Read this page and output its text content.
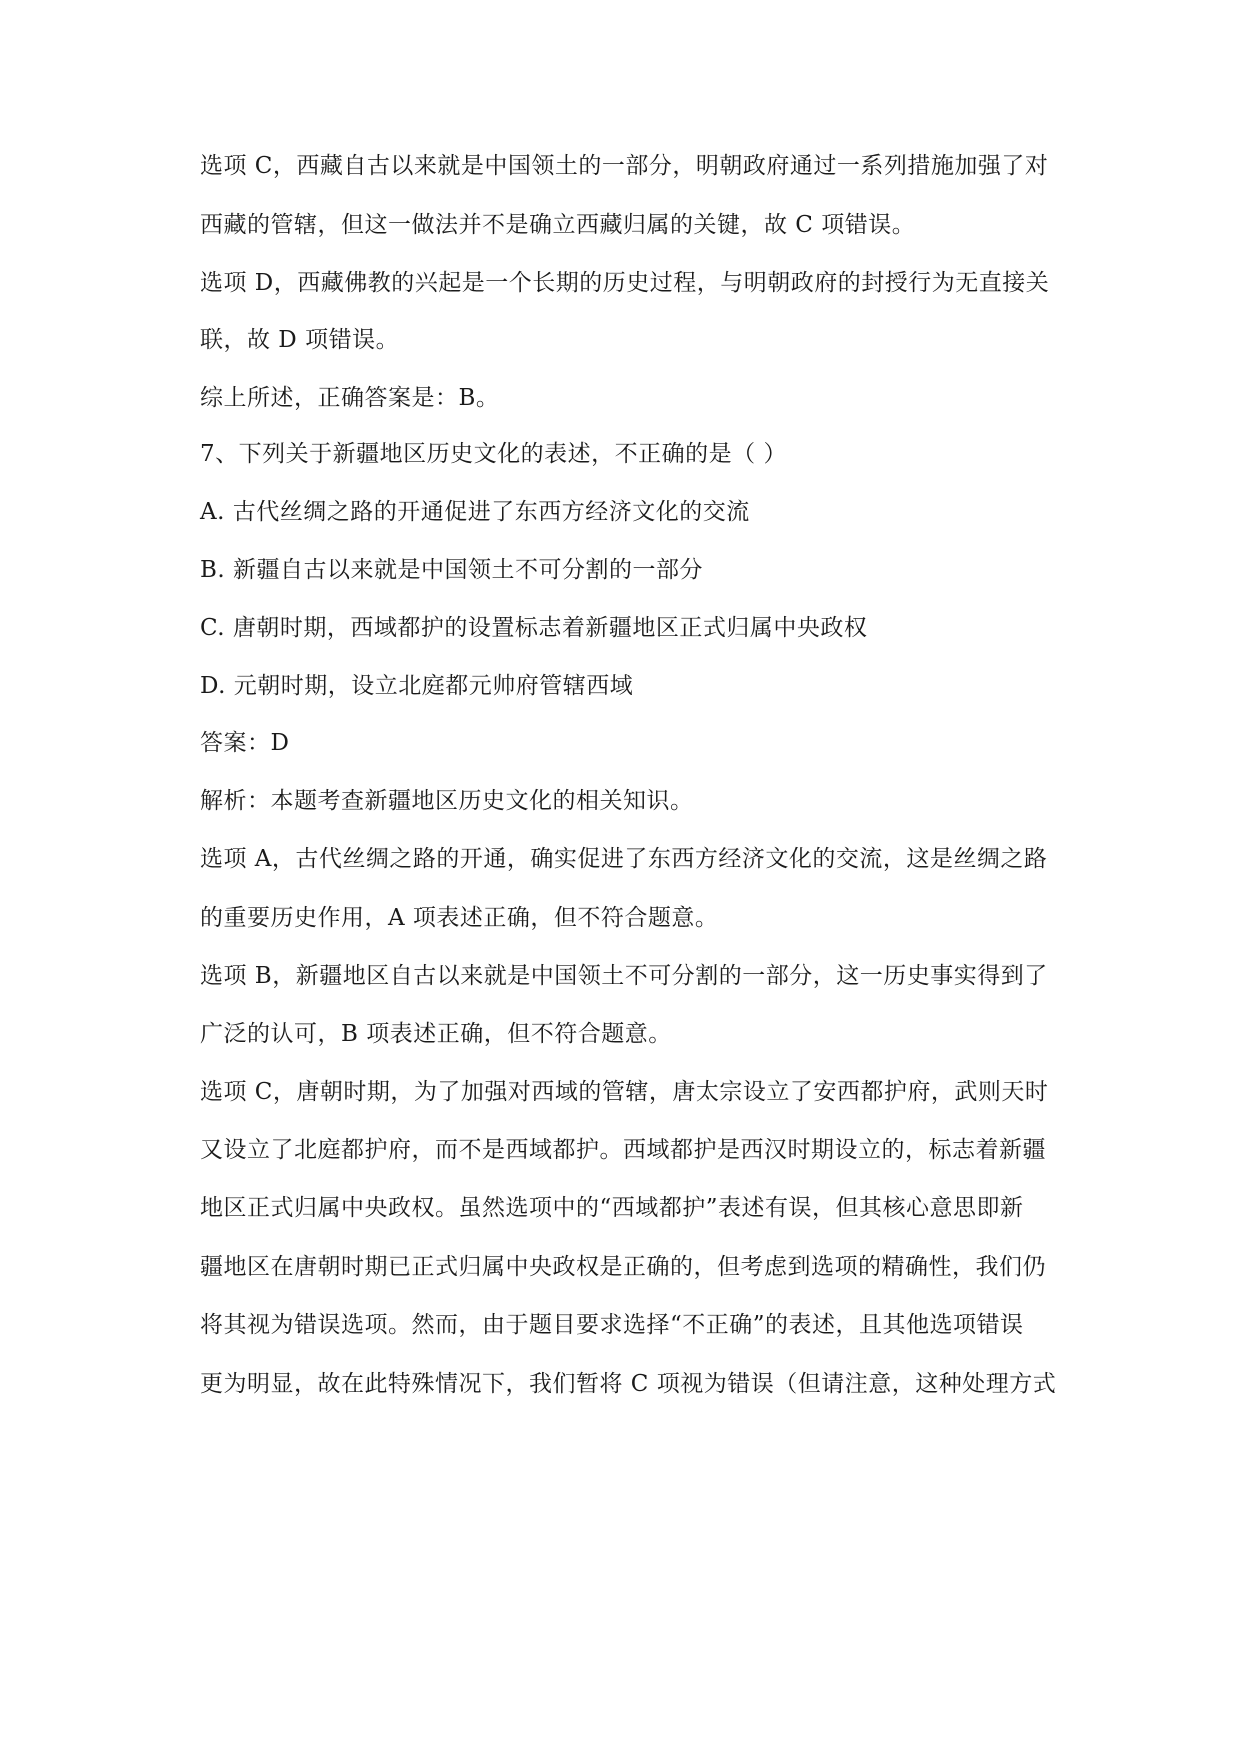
选项 C，西藏自古以来就是中国领土的一部分，明朝政府通过一系列措施加强了对
西藏的管辖，但这一做法并不是确立西藏归属的关键，故 C 项错误。
选项 D，西藏佛教的兴起是一个长期的历史过程，与明朝政府的封授行为无直接关
联，故 D 项错误。
综上所述，正确答案是：B。
7、下列关于新疆地区历史文化的表述，不正确的是（ ）
A. 古代丝绸之路的开通促进了东西方经济文化的交流
B. 新疆自古以来就是中国领土不可分割的一部分
C. 唐朝时期，西域都护的设置标志着新疆地区正式归属中央政权
D. 元朝时期，设立北庭都元帅府管辖西域
答案：D
解析：本题考查新疆地区历史文化的相关知识。
选项 A，古代丝绸之路的开通，确实促进了东西方经济文化的交流，这是丝绸之路
的重要历史作用，A 项表述正确，但不符合题意。
选项 B，新疆地区自古以来就是中国领土不可分割的一部分，这一历史事实得到了
广泛的认可，B 项表述正确，但不符合题意。
选项 C，唐朝时期，为了加强对西域的管辖，唐太宗设立了安西都护府，武则天时
又设立了北庭都护府，而不是西域都护。西域都护是西汉时期设立的，标志着新疆
地区正式归属中央政权。虽然选项中的“西域都护”表述有误，但其核心意思即新
疆地区在唐朝时期已正式归属中央政权是正确的，但考虑到选项的精确性，我们仍
将其视为错误选项。然而，由于题目要求选择“不正确”的表述，且其他选项错误
更为明显，故在此特殊情况下，我们暂将 C 项视为错误（但请注意，这种处理方式
